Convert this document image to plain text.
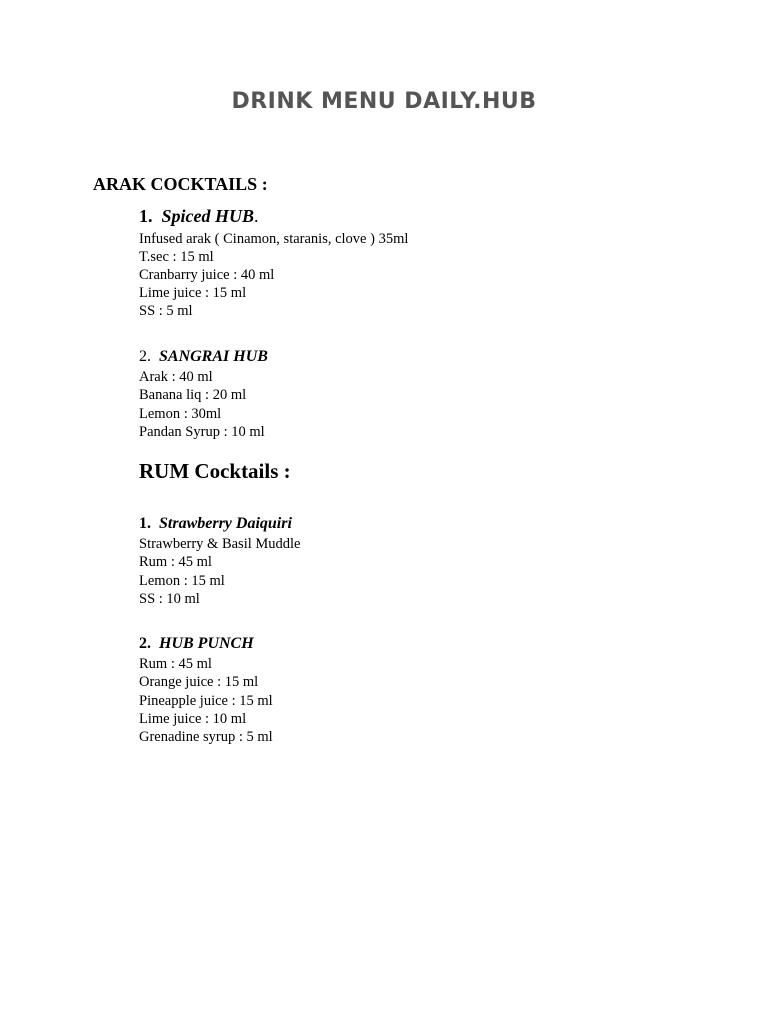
DRINK MENU DAILY.HUB
ARAK COCKTAILS :

1. Spiced HUB.

Infused arak ( Cinamon, staranis, clove ) 35ml
T.sec : 15 ml
Cranbarry juice : 40 ml
Lime juice : 15 ml
SS : 5 ml

2. SANGRAI HUB

Arak : 40 ml
Banana liq : 20 ml
Lemon : 30ml
Pandan Syrup : 10 ml
RUM Cocktails :

1. Strawberry Daiquiri

Strawberry & Basil Muddle
Rum : 45 ml
Lemon : 15 ml
SS : 10 ml

2. HUB PUNCH

Rum : 45 ml
Orange juice : 15 ml
Pineapple juice : 15 ml
Lime juice : 10 ml
Grenadine syrup : 5 ml
